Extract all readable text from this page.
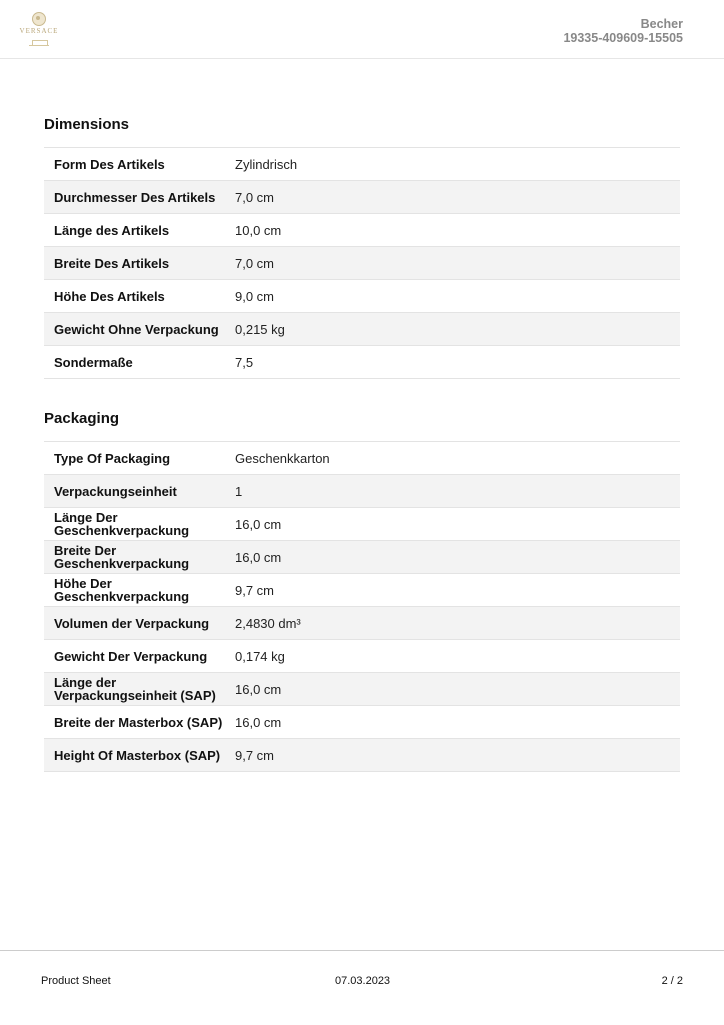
VERSACE	Becher
19335-409609-15505
Dimensions
Form Des Artikels	Zylindrisch
Durchmesser Des Artikels	7,0 cm
Länge des Artikels	10,0 cm
Breite Des Artikels	7,0 cm
Höhe Des Artikels	9,0 cm
Gewicht Ohne Verpackung	0,215 kg
Sondermaße	7,5
Packaging
Type Of Packaging	Geschenkkarton
Verpackungseinheit	1
Länge Der Geschenkverpackung	16,0 cm
Breite Der Geschenkverpackung	16,0 cm
Höhe Der Geschenkverpackung	9,7 cm
Volumen der Verpackung	2,4830 dm³
Gewicht Der Verpackung	0,174 kg
Länge der Verpackungseinheit (SAP)	16,0 cm
Breite der Masterbox (SAP) 16,0 cm
Height Of Masterbox (SAP)	9,7 cm
Product Sheet	07.03.2023	2 / 2
